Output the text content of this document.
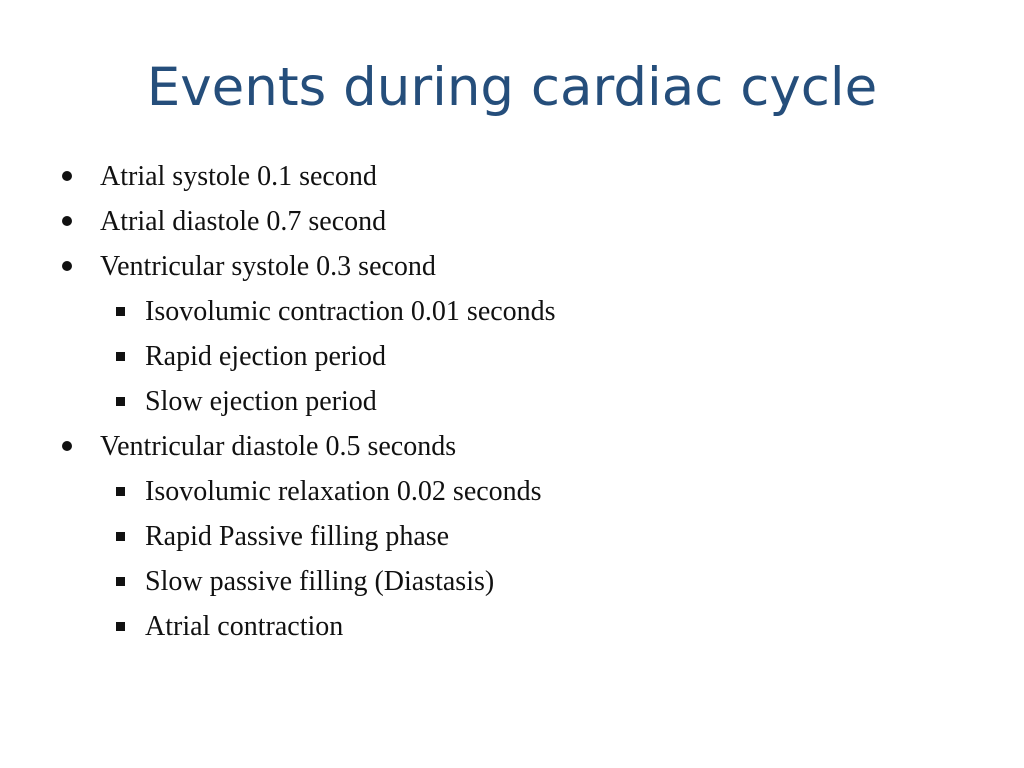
Events during cardiac cycle
Atrial systole 0.1 second
Atrial diastole 0.7 second
Ventricular systole 0.3 second
Isovolumic contraction 0.01 seconds
Rapid ejection period
Slow ejection period
Ventricular diastole 0.5 seconds
Isovolumic relaxation 0.02 seconds
Rapid Passive filling phase
Slow passive filling (Diastasis)
Atrial contraction
